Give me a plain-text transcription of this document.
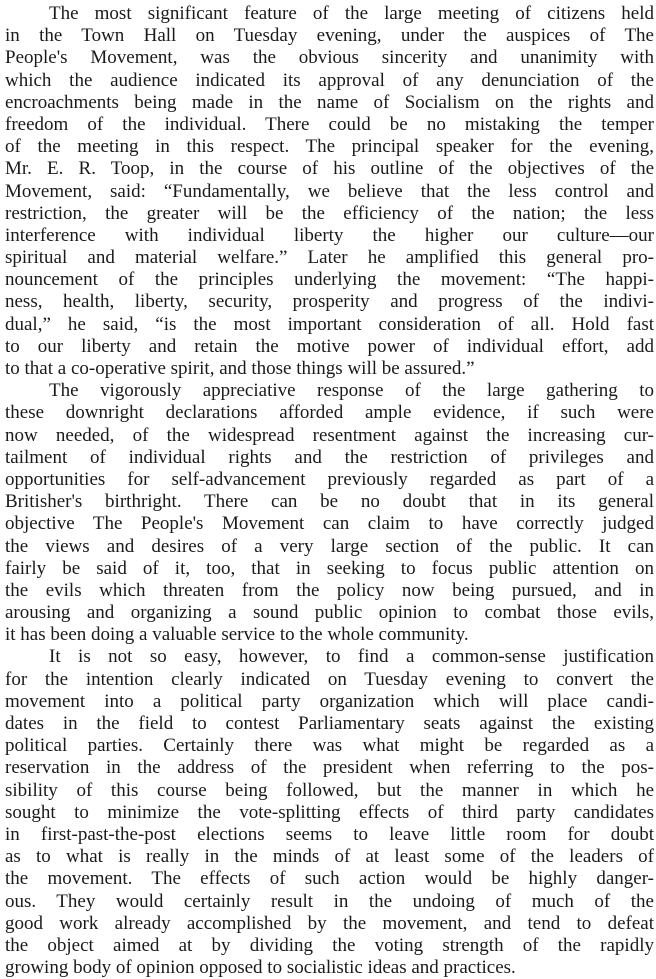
The most significant feature of the large meeting of citizens held
in the Town Hall on Tuesday evening, under the auspices of The
People's Movement, was the obvious sincerity and unanimity with
which the audience indicated its approval of any denunciation of the
encroachments being made in the name of Socialism on the rights and
freedom of the individual. There could be no mistaking the temper
of the meeting in this respect. The principal speaker for the evening,
Mr. E. R. Toop, in the course of his outline of the objectives of the
Movement, said: “Fundamentally, we believe that the less control and
restriction, the greater will be the efficiency of the nation; the less
interference with individual liberty the higher our culture—our
spiritual and material welfare.” Later he amplified this general pro-
nouncement of the principles underlying the movement: “The happi-
ness, health, liberty, security, prosperity and progress of the indivi-
dual,” he said, “is the most important consideration of all. Hold fast
to our liberty and retain the motive power of individual effort, add
to that a co-operative spirit, and those things will be assured.”
The vigorously appreciative response of the large gathering to
these downright declarations afforded ample evidence, if such were
now needed, of the widespread resentment against the increasing cur-
tailment of individual rights and the restriction of privileges and
opportunities for self-advancement previously regarded as part of a
Britisher's birthright. There can be no doubt that in its general
objective The People's Movement can claim to have correctly judged
the views and desires of a very large section of the public. It can
fairly be said of it, too, that in seeking to focus public attention on
the evils which threaten from the policy now being pursued, and in
arousing and organizing a sound public opinion to combat those evils,
it has been doing a valuable service to the whole community.
It is not so easy, however, to find a common-sense justification
for the intention clearly indicated on Tuesday evening to convert the
movement into a political party organization which will place candi-
dates in the field to contest Parliamentary seats against the existing
political parties. Certainly there was what might be regarded as a
reservation in the address of the president when referring to the pos-
sibility of this course being followed, but the manner in which he
sought to minimize the vote-splitting effects of third party candidates
in first-past-the-post elections seems to leave little room for doubt
as to what is really in the minds of at least some of the leaders of
the movement. The effects of such action would be highly danger-
ous. They would certainly result in the undoing of much of the
good work already accomplished by the movement, and tend to defeat
the object aimed at by dividing the voting strength of the rapidly
growing body of opinion opposed to socialistic ideas and practices.
